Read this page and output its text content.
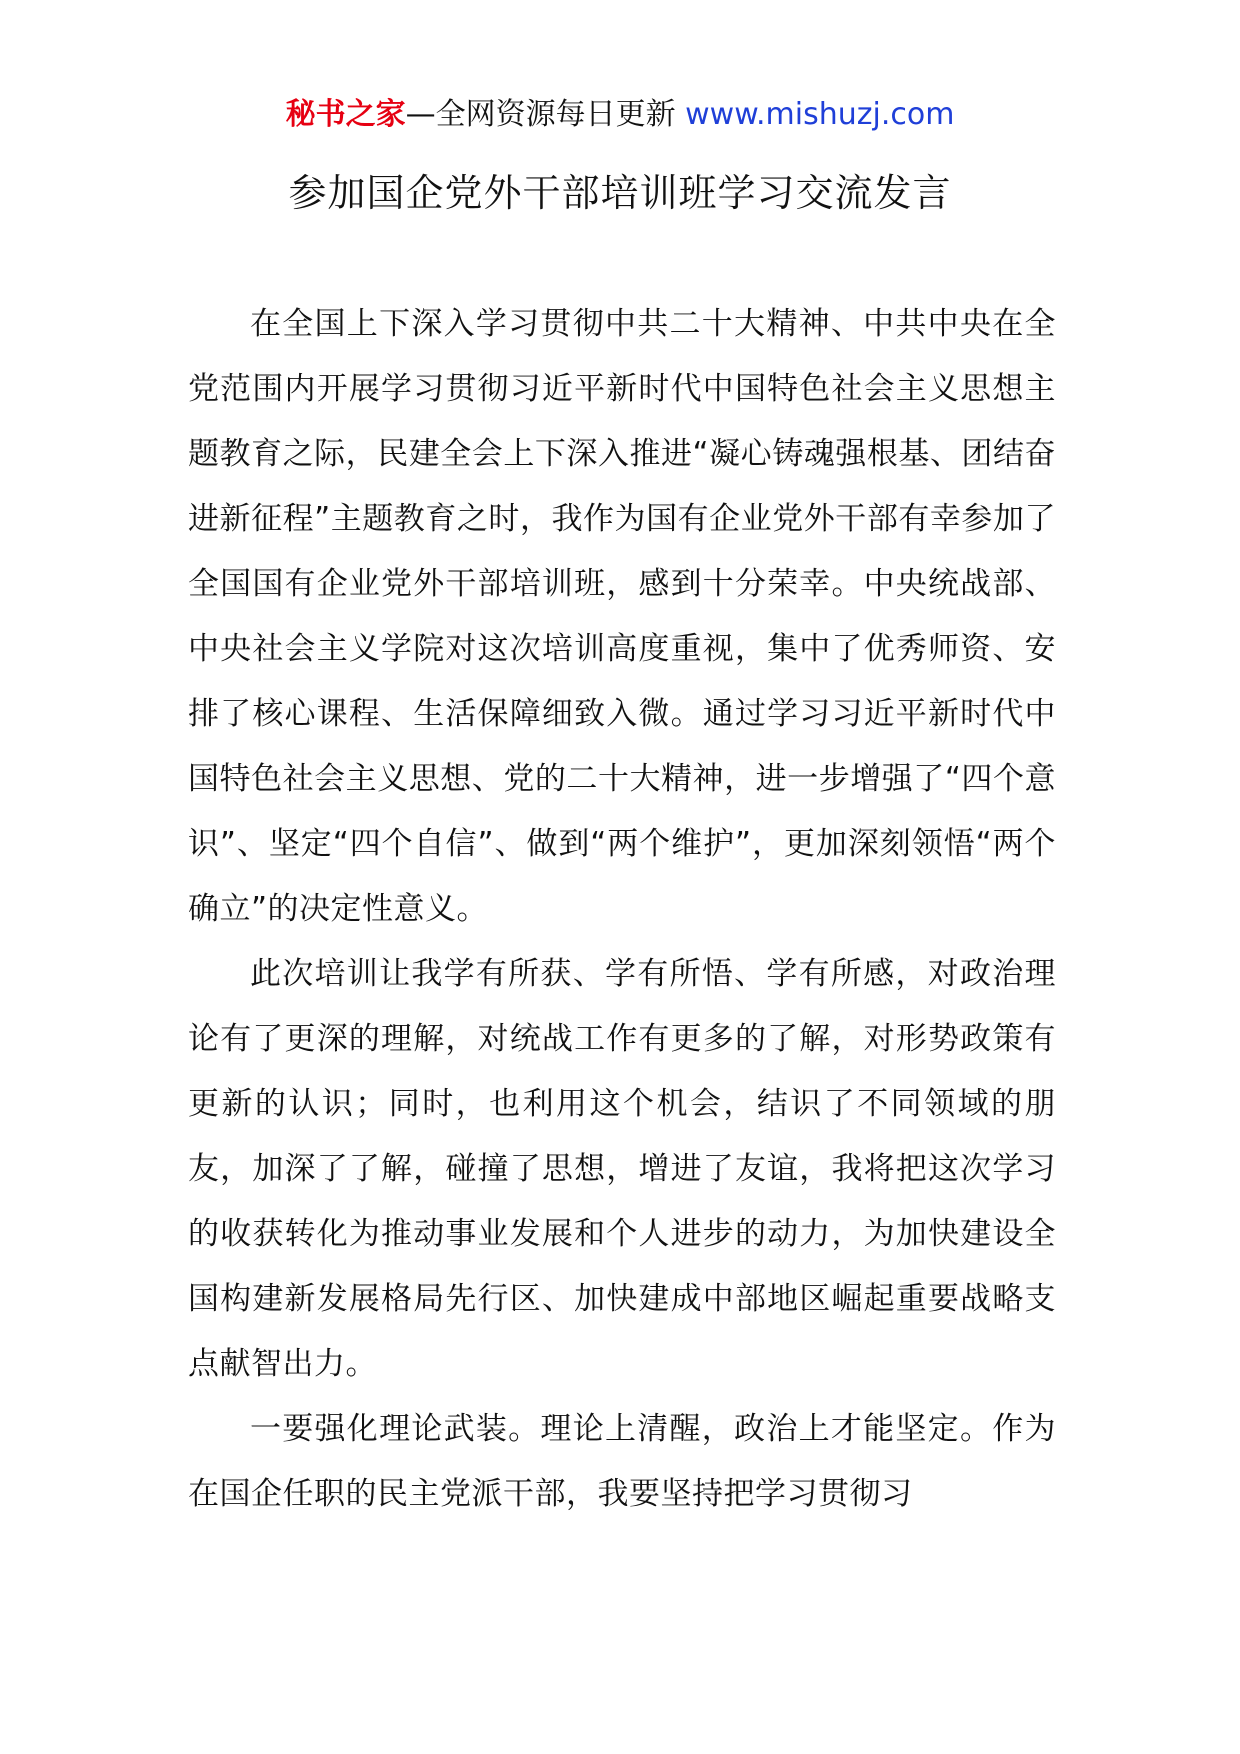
秘书之家—全网资源每日更新 www.mishuzj.com
参加国企党外干部培训班学习交流发言

在全国上下深入学习贯彻中共二十大精神、中共中央在全党范围内开展学习贯彻习近平新时代中国特色社会主义思想主题教育之际，民建全会上下深入推进“凝心铸魂强根基、团结奋进新征程”主题教育之时，我作为国有企业党外干部有幸参加了全国国有企业党外干部培训班，感到十分荣幸。中央统战部、中央社会主义学院对这次培训高度重视，集中了优秀师资、安排了核心课程、生活保障细致入微。通过学习习近平新时代中国特色社会主义思想、党的二十大精神，进一步增强了“四个意识”、坚定“四个自信”、做到“两个维护”，更加深刻领悟“两个确立”的决定性意义。

此次培训让我学有所获、学有所悟、学有所感，对政治理论有了更深的理解，对统战工作有更多的了解，对形势政策有更新的认识；同时，也利用这个机会，结识了不同领域的朋友，加深了了解，碰撞了思想，增进了友谊，我将把这次学习的收获转化为推动事业发展和个人进步的动力，为加快建设全国构建新发展格局先行区、加快建成中部地区崛起重要战略支点献智出力。

一要强化理论武装。理论上清醒，政治上才能坚定。作为在国企任职的民主党派干部，我要坚持把学习贯彻习
